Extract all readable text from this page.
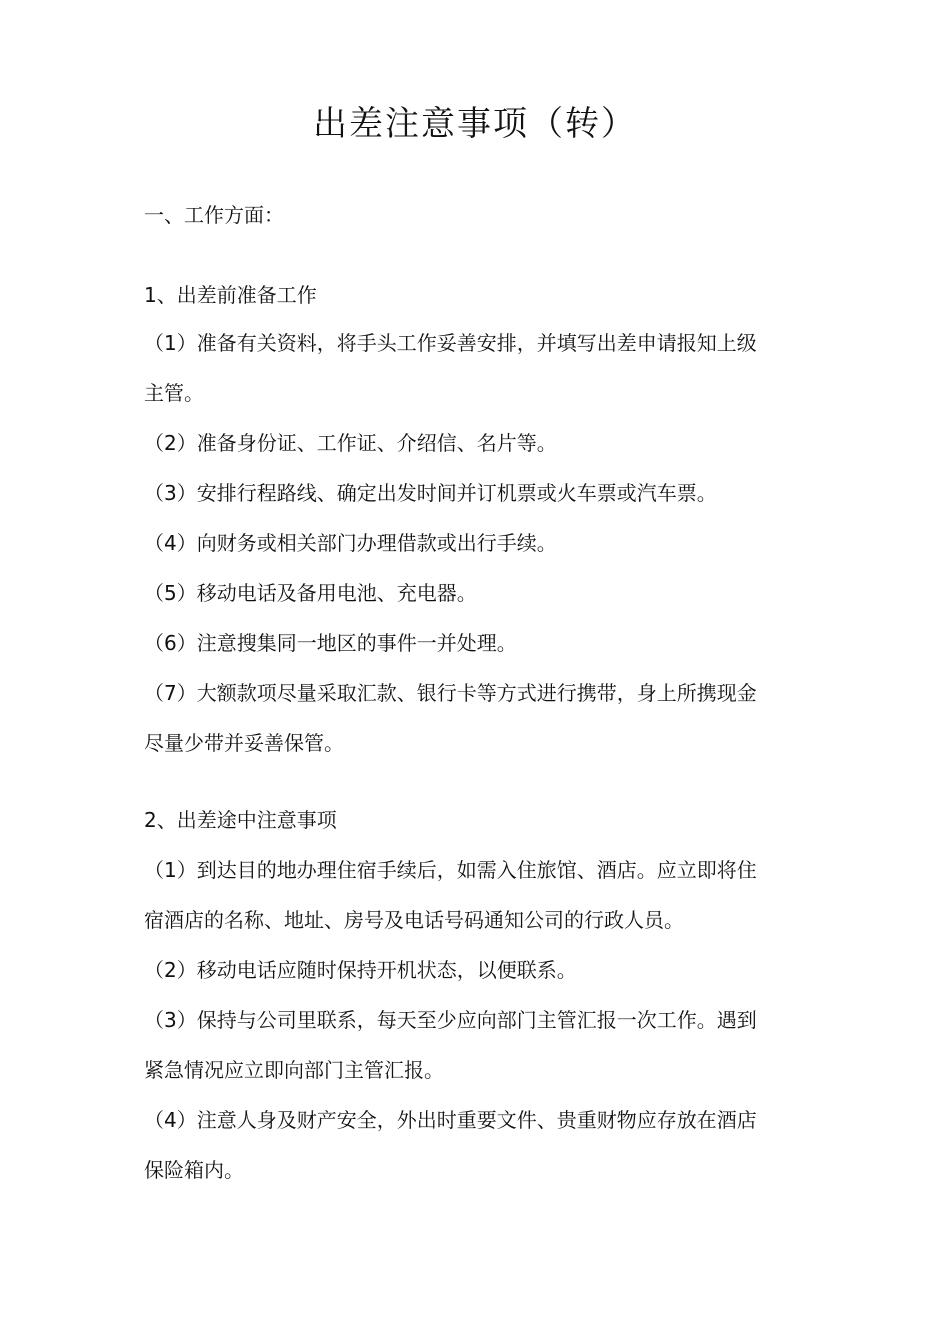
出差注意事项（转）

一、工作方面：

1、出差前准备工作

（1）准备有关资料，将手头工作妥善安排，并填写出差申请报知上级

主管。

（2）准备身份证、工作证、介绍信、名片等。

（3）安排行程路线、确定出发时间并订机票或火车票或汽车票。

（4）向财务或相关部门办理借款或出行手续。

（5）移动电话及备用电池、充电器。

（6）注意搜集同一地区的事件一并处理。

（7）大额款项尽量采取汇款、银行卡等方式进行携带，身上所携现金

尽量少带并妥善保管。

2、出差途中注意事项

（1）到达目的地办理住宿手续后，如需入住旅馆、酒店。应立即将住

宿酒店的名称、地址、房号及电话号码通知公司的行政人员。

（2）移动电话应随时保持开机状态，以便联系。

（3）保持与公司里联系，每天至少应向部门主管汇报一次工作。遇到

紧急情况应立即向部门主管汇报。

（4）注意人身及财产安全，外出时重要文件、贵重财物应存放在酒店

保险箱内。
